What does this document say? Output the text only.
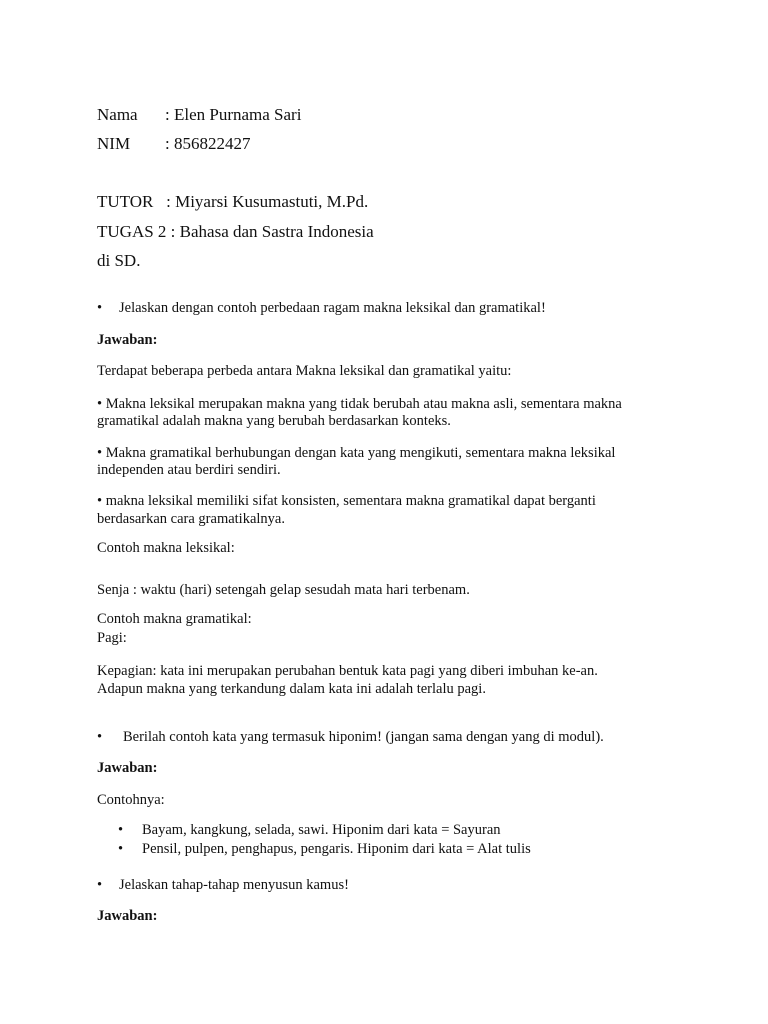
Nama : Elen Purnama Sari
NIM : 856822427
TUTOR   : Miyarsi Kusumastuti, M.Pd.
TUGAS 2 : Bahasa dan Sastra Indonesia
di SD.
• Jelaskan dengan contoh perbedaan ragam makna leksikal dan gramatikal!
Jawaban:
Terdapat beberapa perbeda antara Makna leksikal dan gramatikal yaitu:
• Makna leksikal merupakan makna yang tidak berubah atau makna asli, sementara makna
gramatikal adalah makna yang berubah berdasarkan konteks.
• Makna gramatikal berhubungan dengan kata yang mengikuti, sementara makna leksikal
independen atau berdiri sendiri.
• makna leksikal memiliki sifat konsisten, sementara makna gramatikal dapat berganti
berdasarkan cara gramatikalnya.
Contoh makna leksikal:
Senja : waktu (hari) setengah gelap sesudah mata hari terbenam.
Contoh makna gramatikal:
Pagi:
Kepagian: kata ini merupakan perubahan bentuk kata pagi yang diberi imbuhan ke-an.
Adapun makna yang terkandung dalam kata ini adalah terlalu pagi.
• Berilah contoh kata yang termasuk hiponim! (jangan sama dengan yang di modul).
Jawaban:
Contohnya:
• Bayam, kangkung, selada, sawi. Hiponim dari kata = Sayuran
• Pensil, pulpen, penghapus, pengaris. Hiponim dari kata = Alat tulis
• Jelaskan tahap-tahap menyusun kamus!
Jawaban:
